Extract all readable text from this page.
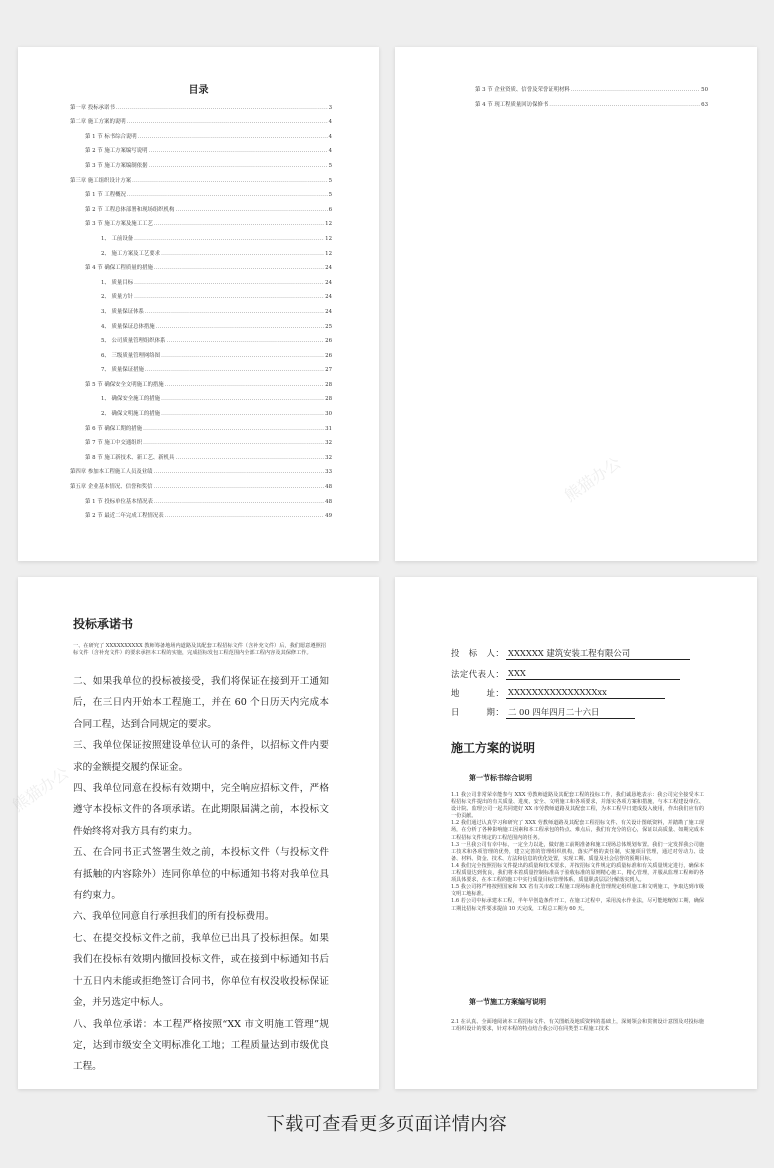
目录
第一章 投标承诺书 .....	3
第二章 施工方案的说明 .....	4
第 1 节 标书综合说明 .....	4
第 2 节 施工方案编写说明 .....	4
第 3 节 施工方案编制依据 .....	5
第三章 施工组织设计方案 .....	5
第 1 节 工程概况 .....	5
第 2 节 工程总体部署和现场组织机构 .....	6
第 3 节 施工方案及施工工艺 .....	12
1、 工前设备 .....	12
2、 施工方案及工艺要求 .....	12
第 4 节 确保工程质量的措施 .....	24
1、 质量目标 .....	24
2、 质量方针 .....	24
3、 质量保证体系 .....	24
4、 质量保证总体措施 .....	25
5、 公司质量管理组织体系 .....	26
6、 三级质量管理网络图 .....	26
7、 质量保证措施 .....	27
第 5 节 确保安全文明施工的措施 .....	28
1、 确保安全施工的措施 .....	28
2、 确保文明施工的措施 .....	30
第 6 节 确保工期的措施 .....	31
第 7 节 施工中交通组织 .....	32
第 8 节 施工新技术、新工艺、新机具 .....	32
第四章 参加本工程施工人员及业绩 .....	33
第五章 企业基本情况、信誉和奖信 .....	48
第 1 节 投标单位基本情况表 .....	48
第 2 节 最近二年完成工程情况表 .....	49
第 3 节 企业资质、信誉及荣誉证明材料 .....	50
第 4 节 现工程质量回访保修书 .....	63
熊猫办公
投标承诺书
一、在研究了 XXXXXXXXXX 教师筹备地场内道路及其配套工程招标文件（含补充文件）后，我们愿意遵照招标文件（含补充文件）的要求承担本工程的实施，完成招标发包工程范围内全部工程内容及其保修工作。

二、如果我单位的投标被接受，我们将保证在接到开工通知后，在三日内开始本工程施工，并在 60 个日历天内完成本合同工程，达到合同规定的要求。

三、我单位保证按照建设单位认可的条件，以招标文件内要求的金额提交履约保证金。

四、我单位同意在投标有效期中，完全响应招标文件，严格遵守本投标文件的各项承诺。在此期限届满之前，本投标文件始终将对我方具有约束力。

五、在合同书正式签署生效之前，本投标文件（与投标文件有抵触的内容除外）连同你单位的中标通知书将对我单位具有约束力。

六、我单位同意自行承担我们的所有投标费用。

七、在提交投标文件之前，我单位已出具了投标担保。如果我们在投标有效期内撤回投标文件，或在接到中标通知书后十五日内未能或拒绝签订合同书，你单位有权没收投标保证金，并另选定中标人。

八、我单位承诺：本工程严格按照“XX 市文明施工管理”规定，达到市级安全文明标准化工地；工程质量达到市级优良工程。

熊猫办公
投　标　人： XXXXXX 建筑安装工程有限公司
法定代表人： XXX
地　　　址： XXXXXXXXXXXXXXXxx
日　　　期： 二 00 四年四月二十六日
施工方案的说明
第一节标书综合说明
1.1 我公司非常荣幸能参与 XXX 劳教师道路及其配套工程的投标工作，我们诚恳地表示：我公司完全接受本工程招标文件提出的有关质量、进度、安全、文明施工和各项要求，并落实各项方案和措施，与本工程建设单位、设计院、监理公司一起共同建好 XX 市劳教师道路及其配套工程，为本工程早日建成投入使用，作出我们应有的一份贡献。
1.2 我们通过认真学习和研究了 XXX 劳教师道路及其配套工程招标文件、有关设计图纸资料，并踏勘了施工现场，在分析了各种影响施工因素和本工程承包的特点、难点后，我们有充分的信心，保证以高质量、如期完成本工程招标文件规定的工程范围内的任务。
1.3 一旦我公司有幸中标，一定全力以赴，做好施工前期准备和施工现场总体规划布置。我们一定发挥我公司施工技术和各项管理的优势，建立完善的管理组织机构，落实严格的责任制，实施项目管理，通过对劳动力、设备、材料、资金、技术、方法和信息的优化处置，实现工期、质量及社会信誉的预期目标。
1.4 我们完全按照招标文件提出的质量和技术要求，并按招标文件规定的质量标准和有关质量规定进行，确保本工程质量达到优良，我们将本着质量控制标准高于验收标准的原则精心施工，精心管理，并服从监理工程师的各项具体要求，在本工程的施工中实行质量目标管理体系，质量职责层层分解落实到人。
1.5 我公司将严格按照国家和 XX 省有关市政工程施工现场标准化管理规定组织施工和文明施工，争取达到市级文明工地标准。
1.6 若公司中标承建本工程，半年早创造条件开工，在施工过程中，采用流水作业法，尽可能地缩短工期，确保工期比招标文件要求提前 10 天完成，工程总工期为 60 天。
第一节施工方案编写说明
2.1 在认真、全面地阅读本工程招标文件、有关图纸及地质资料的基础上，深刻领会和贯彻设计意图及对投标施工组织设计的要求，针对本程的特点结合我公司在同类型工程施工技术
下载可查看更多页面详情内容
